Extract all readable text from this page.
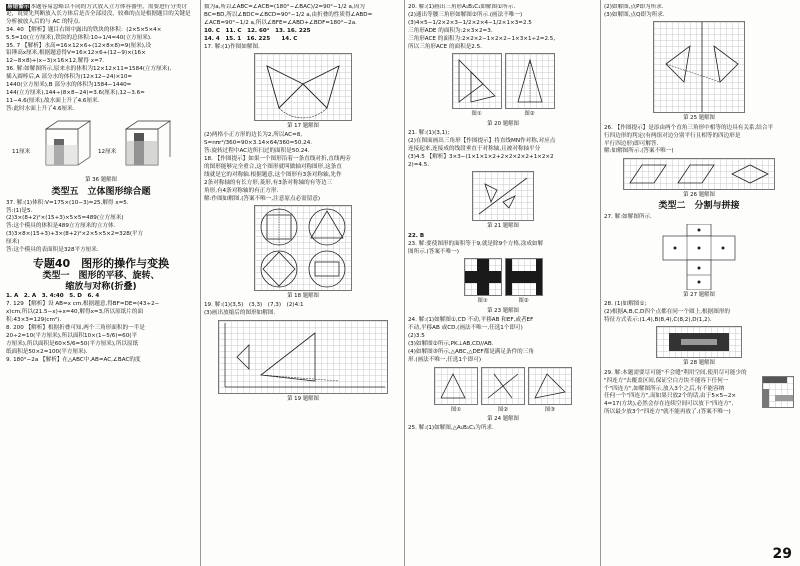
易错警示本题容易忽略以不同的方式放入立方体容器里，需要进行分类讨论，说要先判断放入长方体后是否全部浸没，较难的点是根据题目的关键是分析被放入后的与 AC 的特点.

34. 40 【解析】题目右图中露出的铁块的体积：(2×5×5×4×

5.5=10(立方厘米),铁块的总体积:10÷1/4=40(立方厘米).

35. 7 【解析】水高=16×12×6÷(12×8×8)=9(厘米),设

铅锤高x厘米,根据题意得V=16×12×6+(12−9)×(16×

12−8×8)+(x−3)×16×12,解得 x=7.

36. 解:如解图所示,原来水的体积为12×12×11=1584(立方厘米),

插入圆棒后,A 部分水的体积为(12×12−24)×10=

1440(立方厘米),B 部分水的体积为1584−1440=

144(立方厘米),144÷(8×8−24)=3.6(厘米),12−3.6=

11−4.6(厘米),故水面上升了4.6厘米.

答:此时水面上升了4.6厘米.

11厘米	12厘米

第 36 题解图

类型五　立体图形综合题

37. 解:(1)体积:V=175×(10−3)=25,解得 x=5.

答:(1)是5.

(2)3×(8+2)²×(15+3)×5×5=489(立方厘米)

答:这个模具的体积是489立方厘米的立方体.

(3)3×8×(15+3)+3×(8+2)²×2×5×5×2=328(平方

厘米)

答:这个模具的表面积是328平方厘米.

专题40　图形的操作与变换

类型一　图形的平移、旋转、

缩放与对称(折叠)

1. A　2. A　3. 4:40　5. D　6. 4

7. 129 【解析】设 AB=x cm,根据题意,得BF=DE=(43÷2−

x)cm,所以(21.5−x)+x=40,解得x=3,所以原纸片的面

积:43×3=129(cm²).

8. 200 【解析】根据折叠可知,两个三角形面积的一半是

20÷2=10(平方厘米),所以面积10×(1−5/6)=60(平

方厘米),所以面积是60×5/6=50(平方厘米),所以原纸

纸面积是50×2=100(平方厘米).

9. 180°−2a 【解析】在△ABC中,AB=AC,∠BAC的度

数为a,所以∠ABC=∠ACB=(180°−∠BAC)/2=90°−1/2 a,因为

BC=BD,所以∠BDC=∠BCD=90°−1/2 a,由折叠的性质得∠ABD=

∠ACB=90°−1/2 a,所以∠BFE=∠ABD+∠BDF=180°−2a.

10. C　11. C　12. 60°　13. 16. 225

14. 4　15. 1　16. 225　　14. C

17. 解:(1)作图如解图.

第 17 题解图

(2)两格小正方形的边长为2,所以AC=8,

S=nπr²/360=90×3.14×64/360=50.24.

答:旋转过程中AC边所扫过的面积是50.24.

18. 【作图提示】如果一个图形沿着一条直线对折,直线两旁

的图形能够完全重合,这个图形就叫做轴对称图形,这条直

线就是它的对称轴.根据题意,这个图形有3条对称轴,先作

2条对称轴的有长方形,菱形,有3条对称轴的有等边三

角形,有4条对称轴的有正方形.

解:作图如解图.(答案不唯一,注意原点必需留意)

第 18 题解图

19. 解:(1)(3,5)　(3,3)　(7,3)　(2)4:1

(3)画出放缩后的图形如解图.

第 19 题解图

20. 解:(1)画出三角形A₁B₁C₁如解图①所示.

(2)通出等腰三角形如解图②所示.(画法不唯一)

(3)4×5−1/2×2×3−1/2×2×4−1/2×1×3=2.5

三角形ADE 的面积为:2×3×2=3.

三角形ACE 的面积为:2×2×2−1×2×2−1×3×1÷2=2.5,

所以三角形ACE 的面积是2.5.

图①	图②

第 20 题解图

21. 解:(1)(3,1);

(2)在图面画出三角形【作图提示】将直线MN作对称,对应点

连接起来,连接成的线段垂直于对称轴,且被对称轴平分

(3)4.5 【解析】3×3−(1×1×1×2+2×2×2×2+1×2×2

2)=4.5.

第 21 题解图

22. B

23. 解:要使图形的面积等于9,就是除9个方格,涂成如解

图所示.(答案不唯一)

图①	图②

第 23 题解图

24. 解:(1)如解图①,CD 不动,平移AB 和EF,或者EF

不动,平移AB 或CD.(画法不唯一,任选1个即可)

(2)3.5

(3)如解图②所示,PK⊥AB,CD//AB.

(4)如解图③所示,△ABC,△DEF都是满足条件的三角

形.(画法不唯一,任选1个即可)

图①	图②	图③

第 24 题解图

25. 解:(1)如解图,△A₁B₁C₁为所求.

(2)如解图,点P即为所求.

(3)如解图,点Q即为所求.

第 25 题解图

26. 【作图提示】是添由两个直角三角形中相等的边具有关系,结合平

行四边形的判定(有两组对边分别平行且相等的四边形是

平行四边形)即可解答.

解:如解图所示.(答案不唯一)

第 26 题解图

类型二　分割与拼接

27. 解:如解图所示.

第 27 题解图

28. (1)如解图①;

(2)根据A,B,C,D四个点都在同一个圆上,根据图形的

特征方式表示:(1,4),B(8,4),C(8,2),D(1,2).

第 28 题解图

29. 解:本题需要尽可能"不会缝"利用空间,使用尽可能少的

"四连方"去覆盖区间,保证空白方块不能容下任何一

个"四连方",如解图所示,放入3个之后,有不能容纳

任何一个"四连方",而如果只放2个的话,由于5×5−2×

4=17(方块),必然会存在连续空间可以放下"四连方",

所以最少放3个"四连方"就不能再放了.(答案不唯一)

29
